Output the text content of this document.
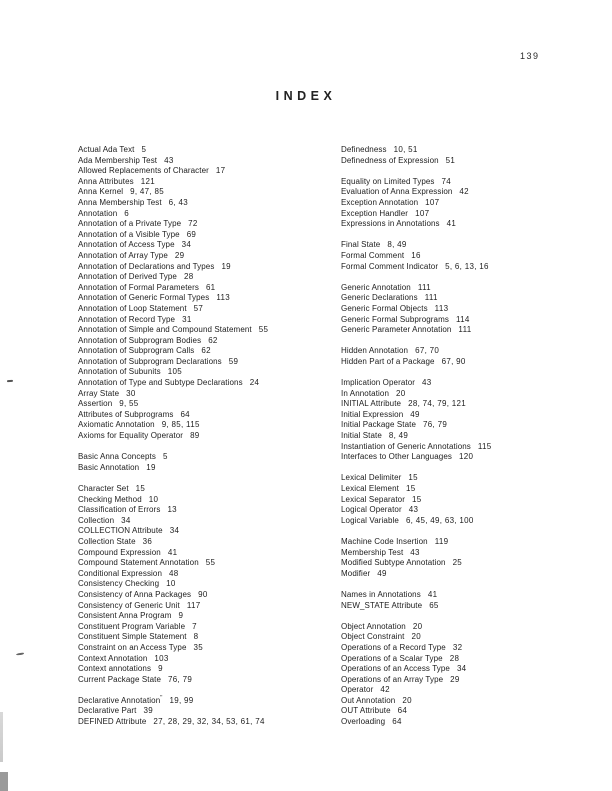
139
INDEX
Actual Ada Text 5
Ada Membership Test 43
Allowed Replacements of Character 17
Anna Attributes 121
Anna Kernel 9, 47, 85
Anna Membership Test 6, 43
Annotation 6
Annotation of a Private Type 72
Annotation of a Visible Type 69
Annotation of Access Type 34
Annotation of Array Type 29
Annotation of Declarations and Types 19
Annotation of Derived Type 28
Annotation of Formal Parameters 61
Annotation of Generic Formal Types 113
Annotation of Loop Statement 57
Annotation of Record Type 31
Annotation of Simple and Compound Statement 55
Annotation of Subprogram Bodies 62
Annotation of Subprogram Calls 62
Annotation of Subprogram Declarations 59
Annotation of Subunits 105
Annotation of Type and Subtype Declarations 24
Array State 30
Assertion 9, 55
Attributes of Subprograms 64
Axiomatic Annotation 9, 85, 115
Axioms for Equality Operator 89
Basic Anna Concepts 5
Basic Annotation 19
Character Set 15
Checking Method 10
Classification of Errors 13
Collection 34
COLLECTION Attribute 34
Collection State 36
Compound Expression 41
Compound Statement Annotation 55
Conditional Expression 48
Consistency Checking 10
Consistency of Anna Packages 90
Consistency of Generic Unit 117
Consistent Anna Program 9
Constituent Program Variable 7
Constituent Simple Statement 8
Constraint on an Access Type 35
Context Annotation 103
Context annotations 9
Current Package State 76, 79
Declarative Annotation" 19, 99
Declarative Part 39
DEFINED Attribute 27, 28, 29, 32, 34, 53, 61, 74
Definedness 10, 51
Definedness of Expression 51
Equality on Limited Types 74
Evaluation of Anna Expression 42
Exception Annotation 107
Exception Handler 107
Expressions in Annotations 41
Final State 8, 49
Formal Comment 16
Formal Comment Indicator 5, 6, 13, 16
Generic Annotation 111
Generic Declarations 111
Generic Formal Objects 113
Generic Formal Subprograms 114
Generic Parameter Annotation 111
Hidden Annotation 67, 70
Hidden Part of a Package 67, 90
Implication Operator 43
In Annotation 20
INITIAL Attribute 28, 74, 79, 121
Initial Expression 49
Initial Package State 76, 79
Initial State 8, 49
Instantiation of Generic Annotations 115
Interfaces to Other Languages 120
Lexical Delimiter 15
Lexical Element 15
Lexical Separator 15
Logical Operator 43
Logical Variable 6, 45, 49, 63, 100
Machine Code Insertion 119
Membership Test 43
Modified Subtype Annotation 25
Modifier 49
Names in Annotations 41
NEW_STATE Attribute 65
Object Annotation 20
Object Constraint 20
Operations of a Record Type 32
Operations of a Scalar Type 28
Operations of an Access Type 34
Operations of an Array Type 29
Operator 42
Out Annotation 20
OUT Attribute 64
Overloading 64
